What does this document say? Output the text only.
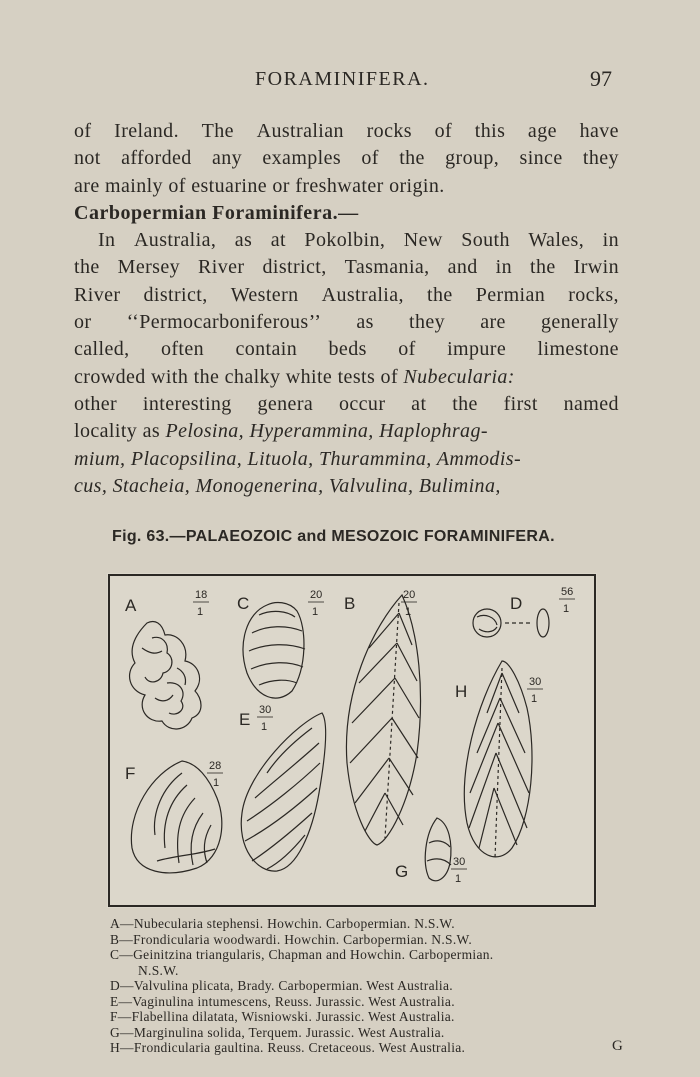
FORAMINIFERA.	97
of Ireland. The Australian rocks of this age have
not afforded any examples of the group, since they
are mainly of estuarine or freshwater origin.
Carbopermian Foraminifera.—
In Australia, as at Pokolbin, New South Wales, in
the Mersey River district, Tasmania, and in the Irwin
River district, Western Australia, the Permian rocks,
or ‘‘Permocarboniferous’’ as they are generally
called, often contain beds of impure limestone
crowded with the chalky white tests of Nubecularia:
other interesting genera occur at the first named
locality as Pelosina, Hyperammina, Haplophrag-
mium, Placopsilina, Lituola, Thurammina, Ammodis-
cus, Stacheia, Monogenerina, Valvulina, Bulimina,
Fig. 63.—PALAEOZOIC and MESOZOIC FORAMINIFERA.
A	C	B	D
E
H
F
G
18
1
20
1
20
1
56
1
30
1
30
1
28
1
30
1
A—Nubecularia stephensi. Howchin. Carbopermian. N.S.W.
B—Frondicularia woodwardi. Howchin. Carbopermian. N.S.W.
C—Geinitzina triangularis, Chapman and Howchin. Carbopermian.
N.S.W.
D—Valvulina plicata, Brady. Carbopermian. West Australia.
E—Vaginulina intumescens, Reuss. Jurassic. West Australia.
F—Flabellina dilatata, Wisniowski. Jurassic. West Australia.
G—Marginulina solida, Terquem. Jurassic. West Australia.
H—Frondicularia gaultina. Reuss. Cretaceous. West Australia.	G
